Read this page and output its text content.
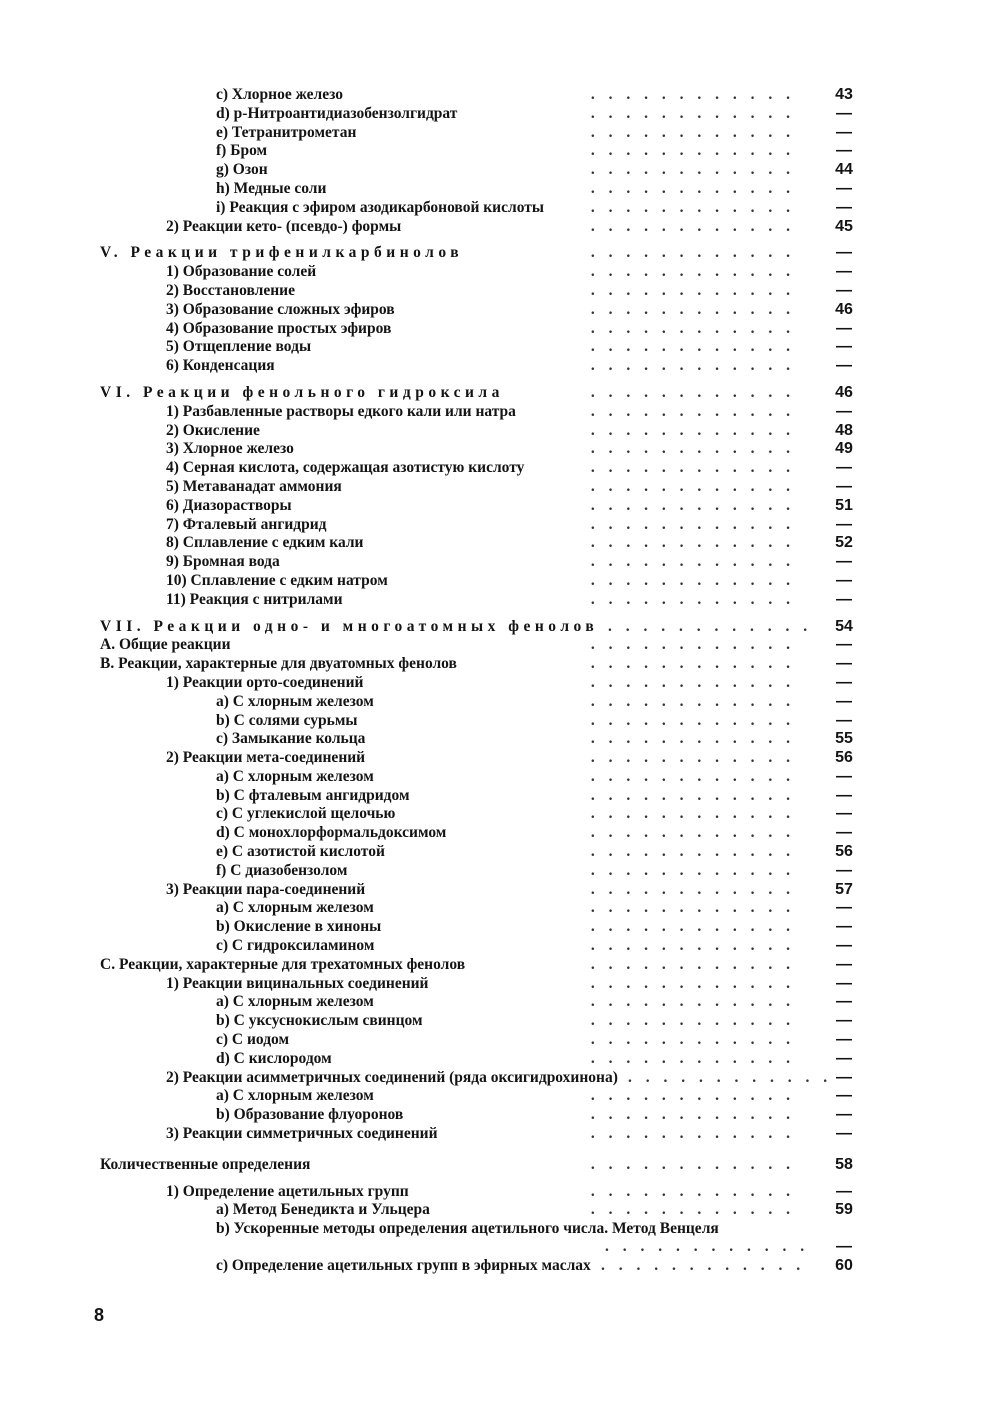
c) Хлорное железо	. . . . . . . . . . . .	43
d) p-Нитроантидиазобензолгидрат	. . . . . . . . . . . .	—
e) Тетранитрометан	. . . . . . . . . . . .	—
f) Бром	. . . . . . . . . . . .	—
g) Озон	. . . . . . . . . . . .	44
h) Медные соли	. . . . . . . . . . . .	—
i) Реакция с эфиром азодикарбоновой кислоты	. . . . . . . . . . . .	—
2) Реакции кето- (псевдо-) формы	. . . . . . . . . . . .	45
V. Реакции трифенилкарбинолов	. . . . . . . . . . . .	—
1) Образование солей	. . . . . . . . . . . .	—
2) Восстановление	. . . . . . . . . . . .	—
3) Образование сложных эфиров	. . . . . . . . . . . .	46
4) Образование простых эфиров	. . . . . . . . . . . .	—
5) Отщепление воды	. . . . . . . . . . . .	—
6) Конденсация	. . . . . . . . . . . .	—
VI. Реакции фенольного гидроксила	. . . . . . . . . . . .	46
1) Разбавленные растворы едкого кали или натра	. . . . . . . . . . . .	—
2) Окисление	. . . . . . . . . . . .	48
3) Хлорное железо	. . . . . . . . . . . .	49
4) Серная кислота, содержащая азотистую кислоту	. . . . . . . . . . . .	—
5) Метаванадат аммония	. . . . . . . . . . . .	—
6) Диазорастворы	. . . . . . . . . . . .	51
7) Фталевый ангидрид	. . . . . . . . . . . .	—
8) Сплавление с едким кали	. . . . . . . . . . . .	52
9) Бромная вода	. . . . . . . . . . . .	—
10) Сплавление с едким натром	. . . . . . . . . . . .	—
11) Реакция с нитрилами	. . . . . . . . . . . .	—
VII. Реакции одно- и многоатомных фенолов . . . . . . . . . . . .	54
A. Общие реакции	. . . . . . . . . . . .	—
B. Реакции, характерные для двуатомных фенолов	. . . . . . . . . . . .	—
1) Реакции орто-соединений	. . . . . . . . . . . .	—
a) С хлорным железом	. . . . . . . . . . . .	—
b) С солями сурьмы	. . . . . . . . . . . .	—
c) Замыкание кольца	. . . . . . . . . . . .	55
2) Реакции мета-соединений	. . . . . . . . . . . .	56
a) С хлорным железом	. . . . . . . . . . . .	—
b) С фталевым ангидридом	. . . . . . . . . . . .	—
c) С углекислой щелочью	. . . . . . . . . . . .	—
d) С монохлорформальдоксимом	. . . . . . . . . . . .	—
e) С азотистой кислотой	. . . . . . . . . . . .	56
f) С диазобензолом	. . . . . . . . . . . .	—
3) Реакции пара-соединений	. . . . . . . . . . . .	57
a) С хлорным железом	. . . . . . . . . . . .	—
b) Окисление в хиноны	. . . . . . . . . . . .	—
c) С гидроксиламином	. . . . . . . . . . . .	—
C. Реакции, характерные для трехатомных фенолов	. . . . . . . . . . . .	—
1) Реакции вицинальных соединений	. . . . . . . . . . . .	—
a) С хлорным железом	. . . . . . . . . . . .	—
b) С уксуснокислым свинцом	. . . . . . . . . . . .	—
c) С иодом	. . . . . . . . . . . .	—
d) С кислородом	. . . . . . . . . . . .	—
2) Реакции асимметричных соединений (ряда оксигидрохинона) . . . . . . . . . . . . —
a) С хлорным железом	. . . . . . . . . . . .	—
b) Образование флуоронов	. . . . . . . . . . . .	—
3) Реакции симметричных соединений	. . . . . . . . . . . .	—
Количественные определения	. . . . . . . . . . . .	58
1) Определение ацетильных групп	. . . . . . . . . . . .	—
a) Метод Бенедикта и Ульцера	. . . . . . . . . . . .	59
b) Ускоренные методы определения ацетильного числа. Метод Венцеля
. . . . . . . . . . . .	—
c) Определение ацетильных групп в эфирных маслах . . . . . . . . . . . .	60
8
